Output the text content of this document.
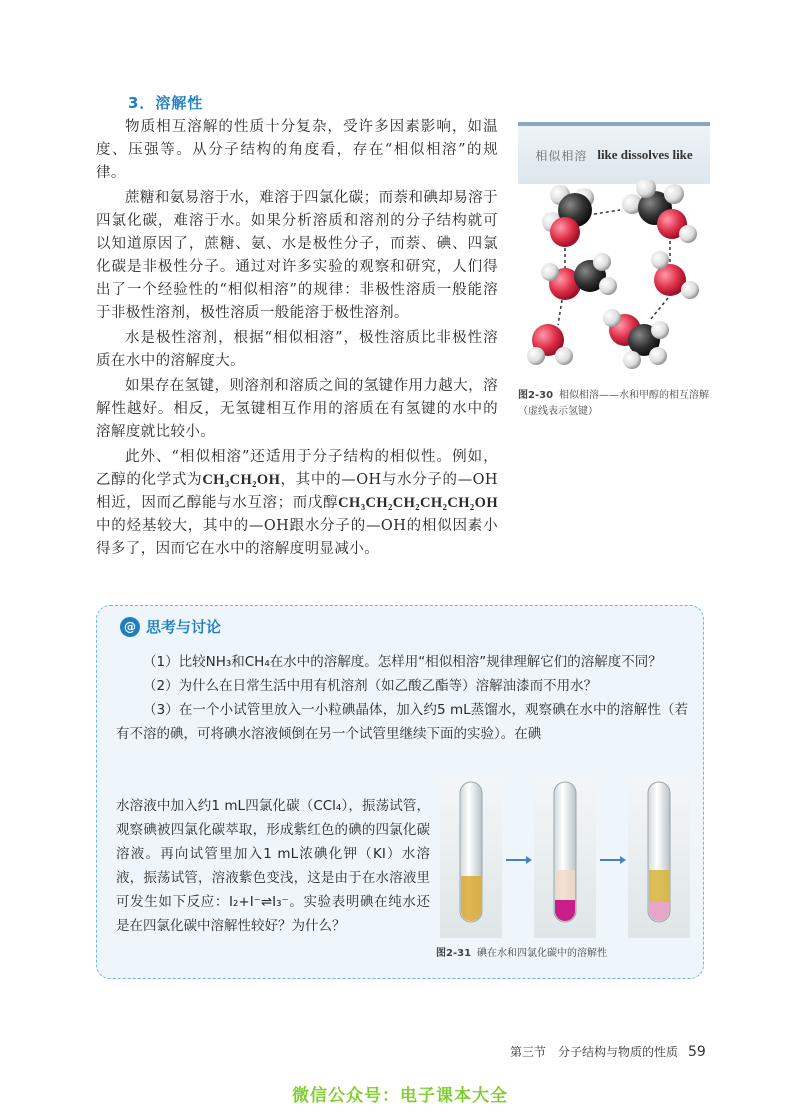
3．溶解性

物质相互溶解的性质十分复杂，受许多因素影响，如温度、压强等。从分子结构的角度看，存在“相似相溶”的规律。

蔗糖和氨易溶于水，难溶于四氯化碳；而萘和碘却易溶于四氯化碳，难溶于水。如果分析溶质和溶剂的分子结构就可以知道原因了，蔗糖、氨、水是极性分子，而萘、碘、四氯化碳是非极性分子。通过对许多实验的观察和研究，人们得出了一个经验性的“相似相溶”的规律：非极性溶质一般能溶于非极性溶剂，极性溶质一般能溶于极性溶剂。

水是极性溶剂，根据“相似相溶”，极性溶质比非极性溶质在水中的溶解度大。

如果存在氢键，则溶剂和溶质之间的氢键作用力越大，溶解性越好。相反，无氢键相互作用的溶质在有氢键的水中的溶解度就比较小。

此外、“相似相溶”还适用于分子结构的相似性。例如，乙醇的化学式为CH₃CH₂OH，其中的—OH与水分子的—OH相近，因而乙醇能与水互溶；而戊醇CH₃CH₂CH₂CH₂CH₂OH中的烃基较大，其中的—OH跟水分子的—OH的相似因素小得多了，因而它在水中的溶解度明显减小。

相似相溶 like dissolves like
图2-30 相似相溶——水和甲醇的相互溶解（虚线表示氢键）
@ 思考与讨论

（1）比较NH₃和CH₄在水中的溶解度。怎样用“相似相溶”规律理解它们的溶解度不同？

（2）为什么在日常生活中用有机溶剂（如乙酸乙酯等）溶解油漆而不用水？

（3）在一个小试管里放入一小粒碘晶体，加入约5 mL蒸馏水，观察碘在水中的溶解性（若有不溶的碘，可将碘水溶液倾倒在另一个试管里继续下面的实验）。在碘

水溶液中加入约1 mL四氯化碳（CCl₄），振荡试管，观察碘被四氯化碳萃取，形成紫红色的碘的四氯化碳溶液。再向试管里加入1 mL浓碘化钾（KI）水溶液，振荡试管，溶液紫色变浅，这是由于在水溶液里可发生如下反应：I₂+I⁻⇌I₃⁻。实验表明碘在纯水还是在四氯化碳中溶解性较好？为什么？

图2-31 碘在水和四氯化碳中的溶解性
第三节　分子结构与物质的性质 59
微信公众号：电子课本大全
